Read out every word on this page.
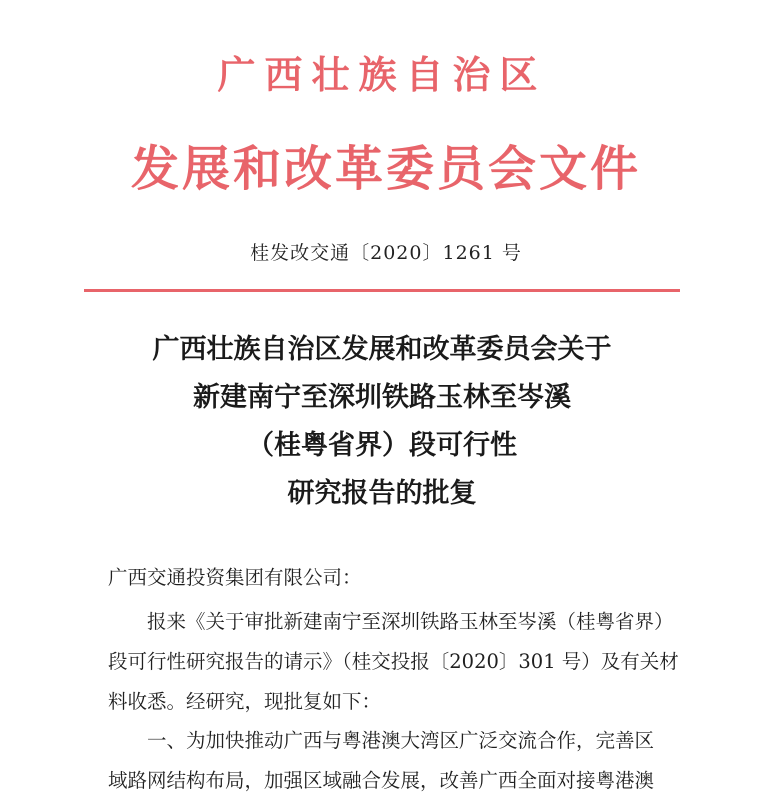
广西壮族自治区
发展和改革委员会文件
桂发改交通〔2020〕1261 号
广西壮族自治区发展和改革委员会关于
新建南宁至深圳铁路玉林至岑溪
（桂粤省界）段可行性
研究报告的批复
广西交通投资集团有限公司：
报来《关于审批新建南宁至深圳铁路玉林至岑溪（桂粤省界）
段可行性研究报告的请示》（桂交投报〔2020〕301 号）及有关材
料收悉。经研究，现批复如下：
一、为加快推动广西与粤港澳大湾区广泛交流合作，完善区
域路网结构布局，加强区域融合发展，改善广西全面对接粤港澳
